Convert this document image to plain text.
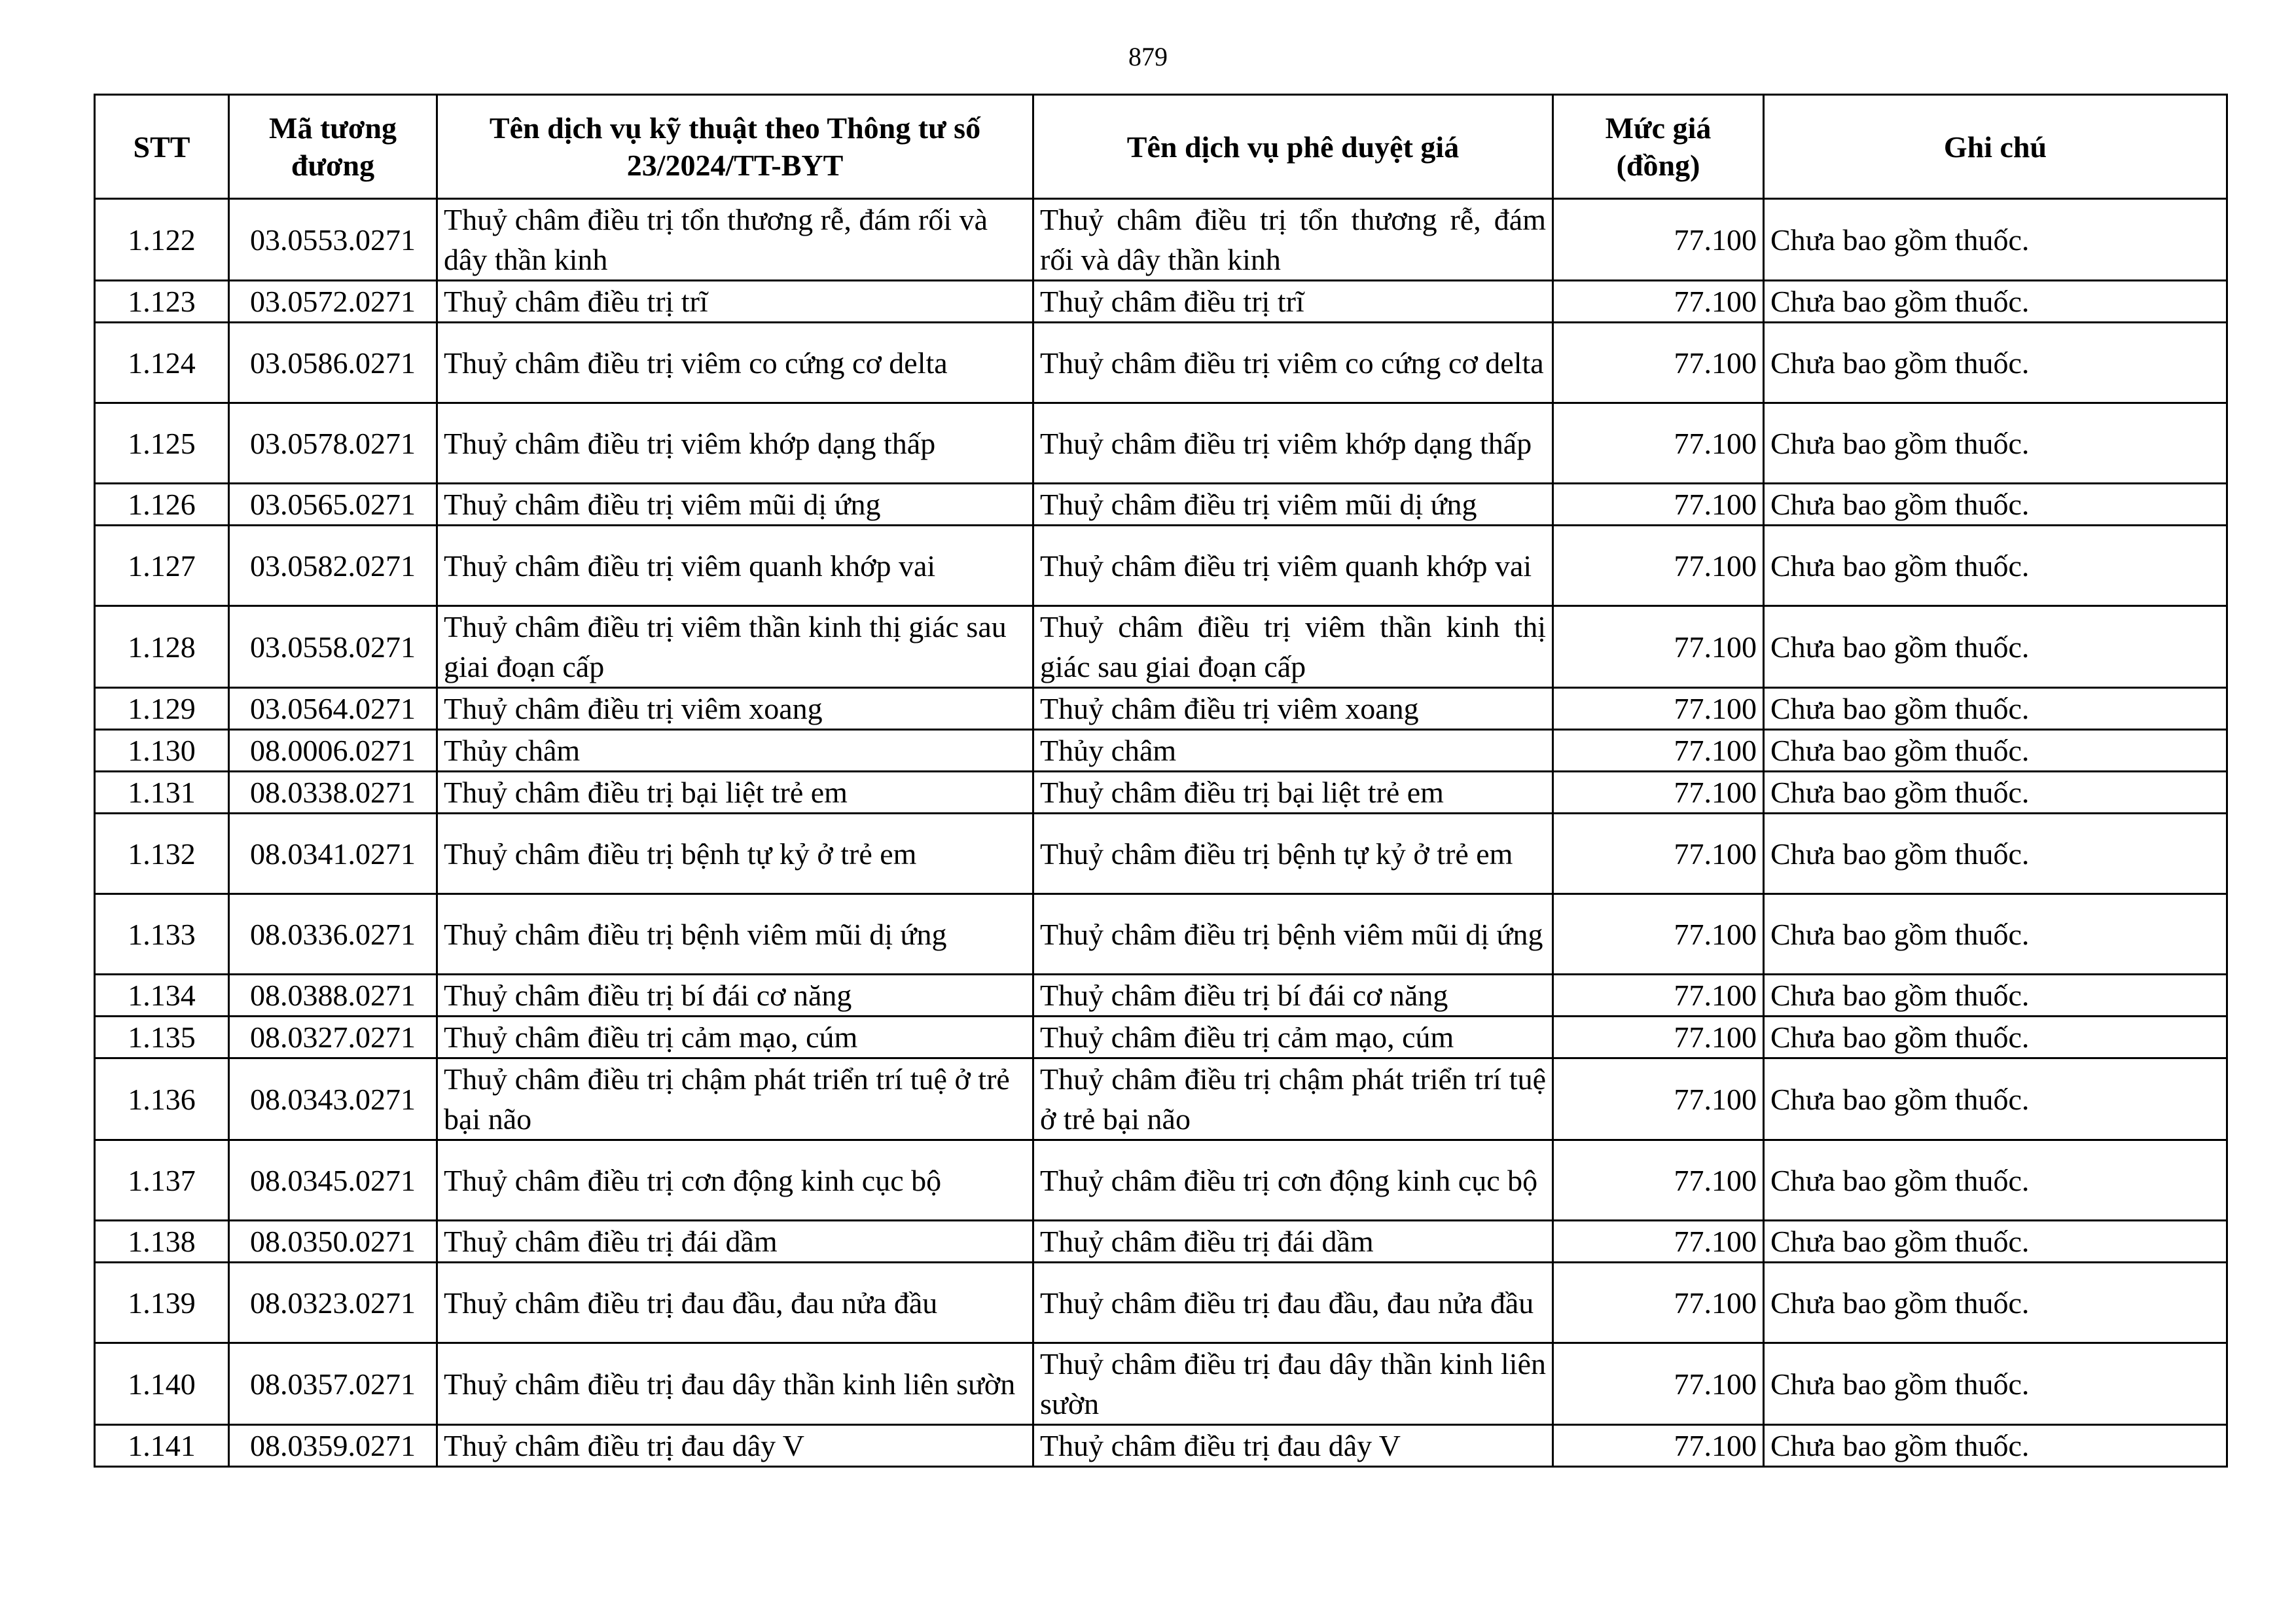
879
STT	Mã tương đương	Tên dịch vụ kỹ thuật theo Thông tư số 23/2024/TT-BYT	Tên dịch vụ phê duyệt giá	Mức giá (đồng)	Ghi chú
1.122	03.0553.0271	Thuỷ châm điều trị tổn thương rễ, đám rối và dây thần kinh	Thuỷ châm điều trị tổn thương rễ, đám rối và dây thần kinh	77.100	Chưa bao gồm thuốc.
1.123	03.0572.0271	Thuỷ châm điều trị trĩ	Thuỷ châm điều trị trĩ	77.100	Chưa bao gồm thuốc.
1.124	03.0586.0271	Thuỷ châm điều trị viêm co cứng cơ delta	Thuỷ châm điều trị viêm co cứng cơ delta	77.100	Chưa bao gồm thuốc.
1.125	03.0578.0271	Thuỷ châm điều trị viêm khớp dạng thấp	Thuỷ châm điều trị viêm khớp dạng thấp	77.100	Chưa bao gồm thuốc.
1.126	03.0565.0271	Thuỷ châm điều trị viêm mũi dị ứng	Thuỷ châm điều trị viêm mũi dị ứng	77.100	Chưa bao gồm thuốc.
1.127	03.0582.0271	Thuỷ châm điều trị viêm quanh khớp vai	Thuỷ châm điều trị viêm quanh khớp vai	77.100	Chưa bao gồm thuốc.
1.128	03.0558.0271	Thuỷ châm điều trị viêm thần kinh thị giác sau giai đoạn cấp	Thuỷ châm điều trị viêm thần kinh thị giác sau giai đoạn cấp	77.100	Chưa bao gồm thuốc.
1.129	03.0564.0271	Thuỷ châm điều trị viêm xoang	Thuỷ châm điều trị viêm xoang	77.100	Chưa bao gồm thuốc.
1.130	08.0006.0271	Thủy châm	Thủy châm	77.100	Chưa bao gồm thuốc.
1.131	08.0338.0271	Thuỷ châm điều trị bại liệt trẻ em	Thuỷ châm điều trị bại liệt trẻ em	77.100	Chưa bao gồm thuốc.
1.132	08.0341.0271	Thuỷ châm điều trị bệnh tự kỷ ở trẻ em	Thuỷ châm điều trị bệnh tự kỷ ở trẻ em	77.100	Chưa bao gồm thuốc.
1.133	08.0336.0271	Thuỷ châm điều trị bệnh viêm mũi dị ứng	Thuỷ châm điều trị bệnh viêm mũi dị ứng	77.100	Chưa bao gồm thuốc.
1.134	08.0388.0271	Thuỷ châm điều trị bí đái cơ năng	Thuỷ châm điều trị bí đái cơ năng	77.100	Chưa bao gồm thuốc.
1.135	08.0327.0271	Thuỷ châm điều trị cảm mạo, cúm	Thuỷ châm điều trị cảm mạo, cúm	77.100	Chưa bao gồm thuốc.
1.136	08.0343.0271	Thuỷ châm điều trị chậm phát triển trí tuệ ở trẻ bại não	Thuỷ châm điều trị chậm phát triển trí tuệ ở trẻ bại não	77.100	Chưa bao gồm thuốc.
1.137	08.0345.0271	Thuỷ châm điều trị cơn động kinh cục bộ	Thuỷ châm điều trị cơn động kinh cục bộ	77.100	Chưa bao gồm thuốc.
1.138	08.0350.0271	Thuỷ châm điều trị đái dầm	Thuỷ châm điều trị đái dầm	77.100	Chưa bao gồm thuốc.
1.139	08.0323.0271	Thuỷ châm điều trị đau đầu, đau nửa đầu	Thuỷ châm điều trị đau đầu, đau nửa đầu	77.100	Chưa bao gồm thuốc.
1.140	08.0357.0271	Thuỷ châm điều trị đau dây thần kinh liên sườn	Thuỷ châm điều trị đau dây thần kinh liên sườn	77.100	Chưa bao gồm thuốc.
1.141	08.0359.0271	Thuỷ châm điều trị đau dây V	Thuỷ châm điều trị đau dây V	77.100	Chưa bao gồm thuốc.
